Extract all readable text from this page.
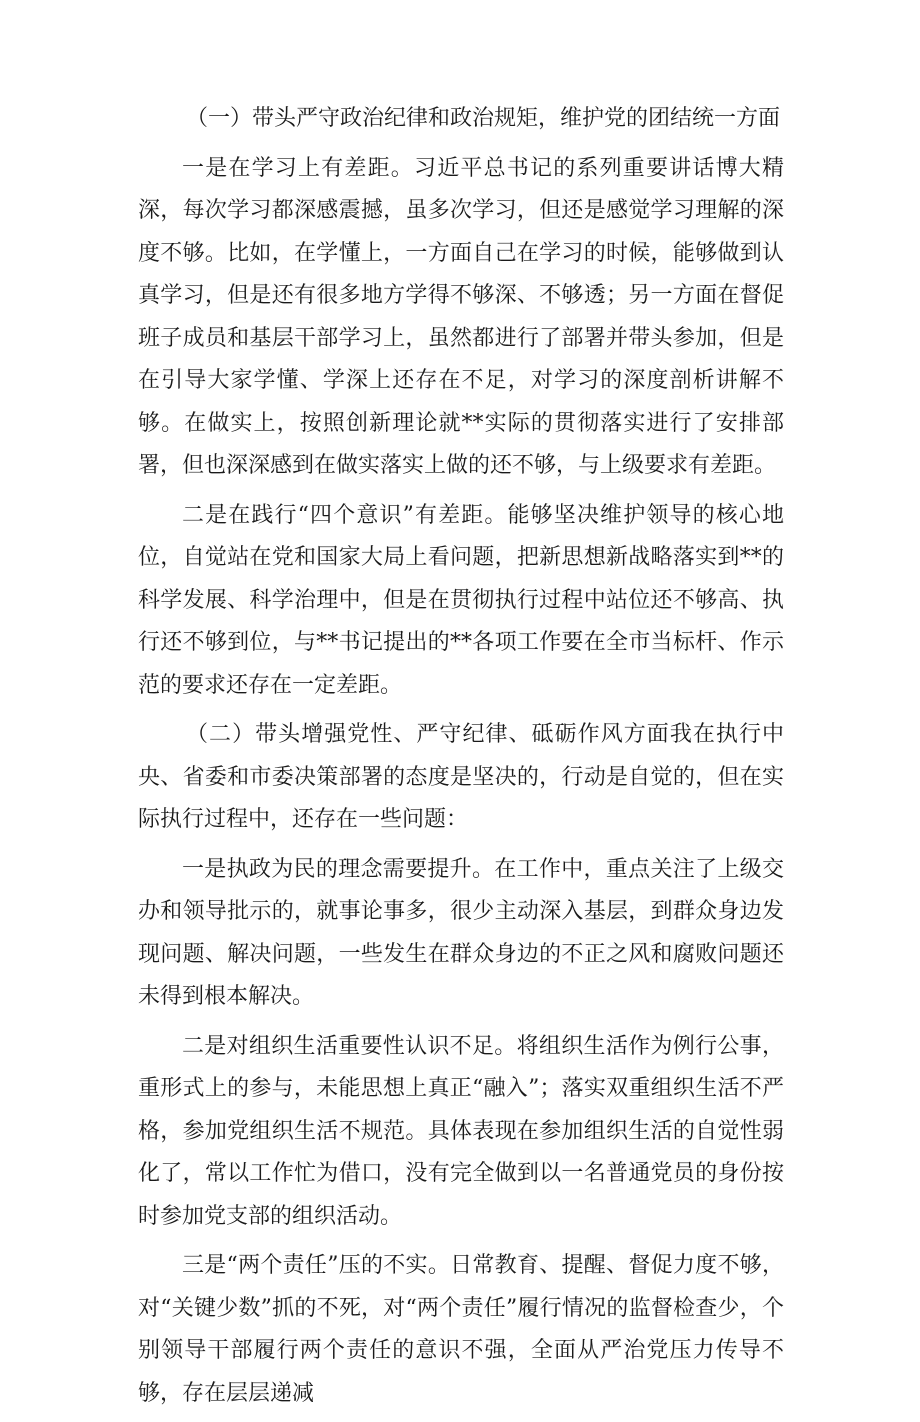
（一）带头严守政治纪律和政治规矩，维护党的团结统一方面

一是在学习上有差距。习近平总书记的系列重要讲话博大精深，每次学习都深感震撼，虽多次学习，但还是感觉学习理解的深度不够。比如，在学懂上，一方面自己在学习的时候，能够做到认真学习，但是还有很多地方学得不够深、不够透；另一方面在督促班子成员和基层干部学习上，虽然都进行了部署并带头参加，但是在引导大家学懂、学深上还存在不足，对学习的深度剖析讲解不够。在做实上，按照创新理论就**实际的贯彻落实进行了安排部署，但也深深感到在做实落实上做的还不够，与上级要求有差距。

二是在践行“四个意识”有差距。能够坚决维护领导的核心地位，自觉站在党和国家大局上看问题，把新思想新战略落实到**的科学发展、科学治理中，但是在贯彻执行过程中站位还不够高、执行还不够到位，与**书记提出的**各项工作要在全市当标杆、作示范的要求还存在一定差距。

（二）带头增强党性、严守纪律、砥砺作风方面我在执行中央、省委和市委决策部署的态度是坚决的，行动是自觉的，但在实际执行过程中，还存在一些问题：

一是执政为民的理念需要提升。在工作中，重点关注了上级交办和领导批示的，就事论事多，很少主动深入基层，到群众身边发现问题、解决问题，一些发生在群众身边的不正之风和腐败问题还未得到根本解决。

二是对组织生活重要性认识不足。将组织生活作为例行公事，重形式上的参与，未能思想上真正“融入”；落实双重组织生活不严格，参加党组织生活不规范。具体表现在参加组织生活的自觉性弱化了，常以工作忙为借口，没有完全做到以一名普通党员的身份按时参加党支部的组织活动。

三是“两个责任”压的不实。日常教育、提醒、督促力度不够，对“关键少数”抓的不死，对“两个责任”履行情况的监督检查少，个别领导干部履行两个责任的意识不强，全面从严治党压力传导不够，存在层层递减
